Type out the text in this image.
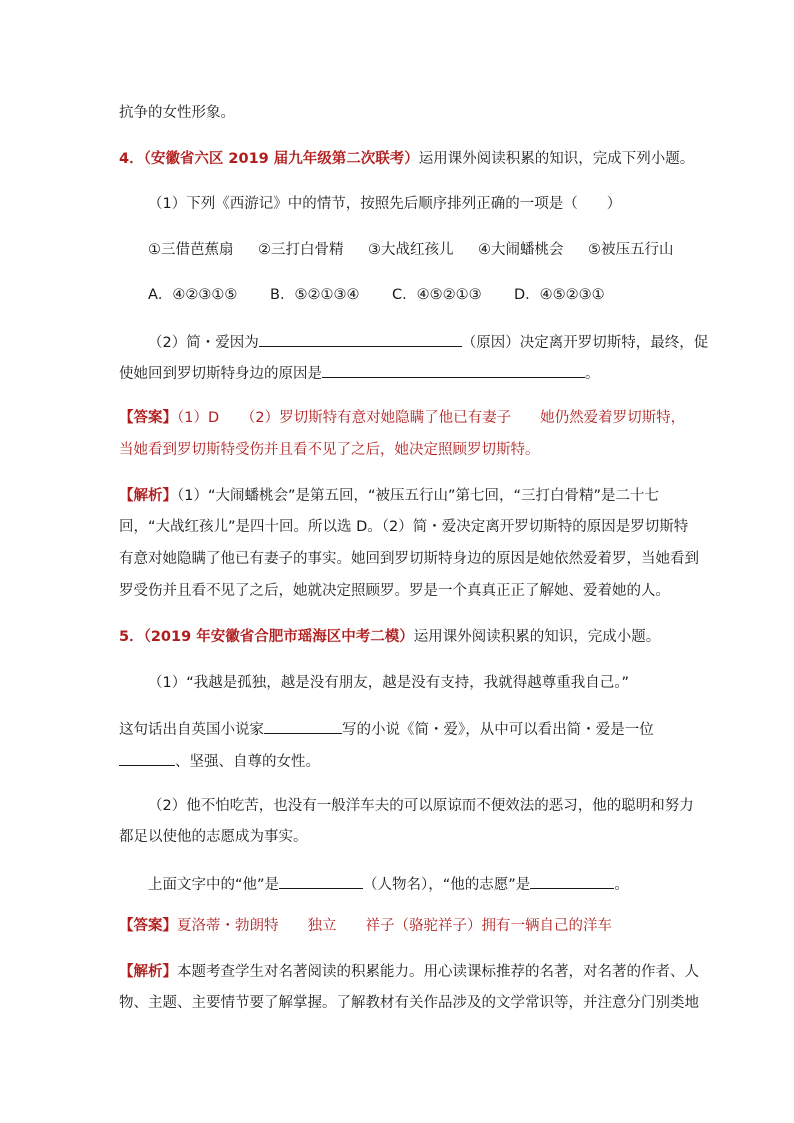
抗争的女性形象。
4．（安徽省六区 2019 届九年级第二次联考）运用课外阅读积累的知识，完成下列小题。
（1）下列《西游记》中的情节，按照先后顺序排列正确的一项是（　　）
①三借芭蕉扇 ②三打白骨精 ③大战红孩儿 ④大闹蟠桃会 ⑤被压五行山
A．④②③①⑤ B．⑤②①③④ C．④⑤②①③ D．④⑤②③①
（2）简・爱因为	（原因）决定离开罗切斯特，最终，促
使她回到罗切斯特身边的原因是	。
【答案】（1）D　　（2）罗切斯特有意对她隐瞒了他已有妻子　　她仍然爱着罗切斯特，
当她看到罗切斯特受伤并且看不见了之后，她决定照顾罗切斯特。
【解析】（1）“大闹蟠桃会”是第五回，“被压五行山”第七回，“三打白骨精”是二十七
回，“大战红孩儿”是四十回。所以选 D。（2）简・爱决定离开罗切斯特的原因是罗切斯特
有意对她隐瞒了他已有妻子的事实。她回到罗切斯特身边的原因是她依然爱着罗，当她看到
罗受伤并且看不见了之后，她就决定照顾罗。罗是一个真真正正了解她、爱着她的人。
5．（2019 年安徽省合肥市瑶海区中考二模）运用课外阅读积累的知识，完成小题。
（1）“我越是孤独，越是没有朋友，越是没有支持，我就得越尊重我自己。”
这句话出自英国小说家	写的小说《简・爱》，从中可以看出简・爱是一位
、坚强、自尊的女性。
（2）他不怕吃苦，也没有一般洋车夫的可以原谅而不便效法的恶习，他的聪明和努力
都足以使他的志愿成为事实。
上面文字中的“他”是	（人物名），“他的志愿”是	。
【答案】夏洛蒂・勃朗特　　独立　　祥子（骆驼祥子）拥有一辆自己的洋车
【解析】本题考查学生对名著阅读的积累能力。用心读课标推荐的名著，对名著的作者、人
物、主题、主要情节要了解掌握。了解教材有关作品涉及的文学常识等，并注意分门别类地
